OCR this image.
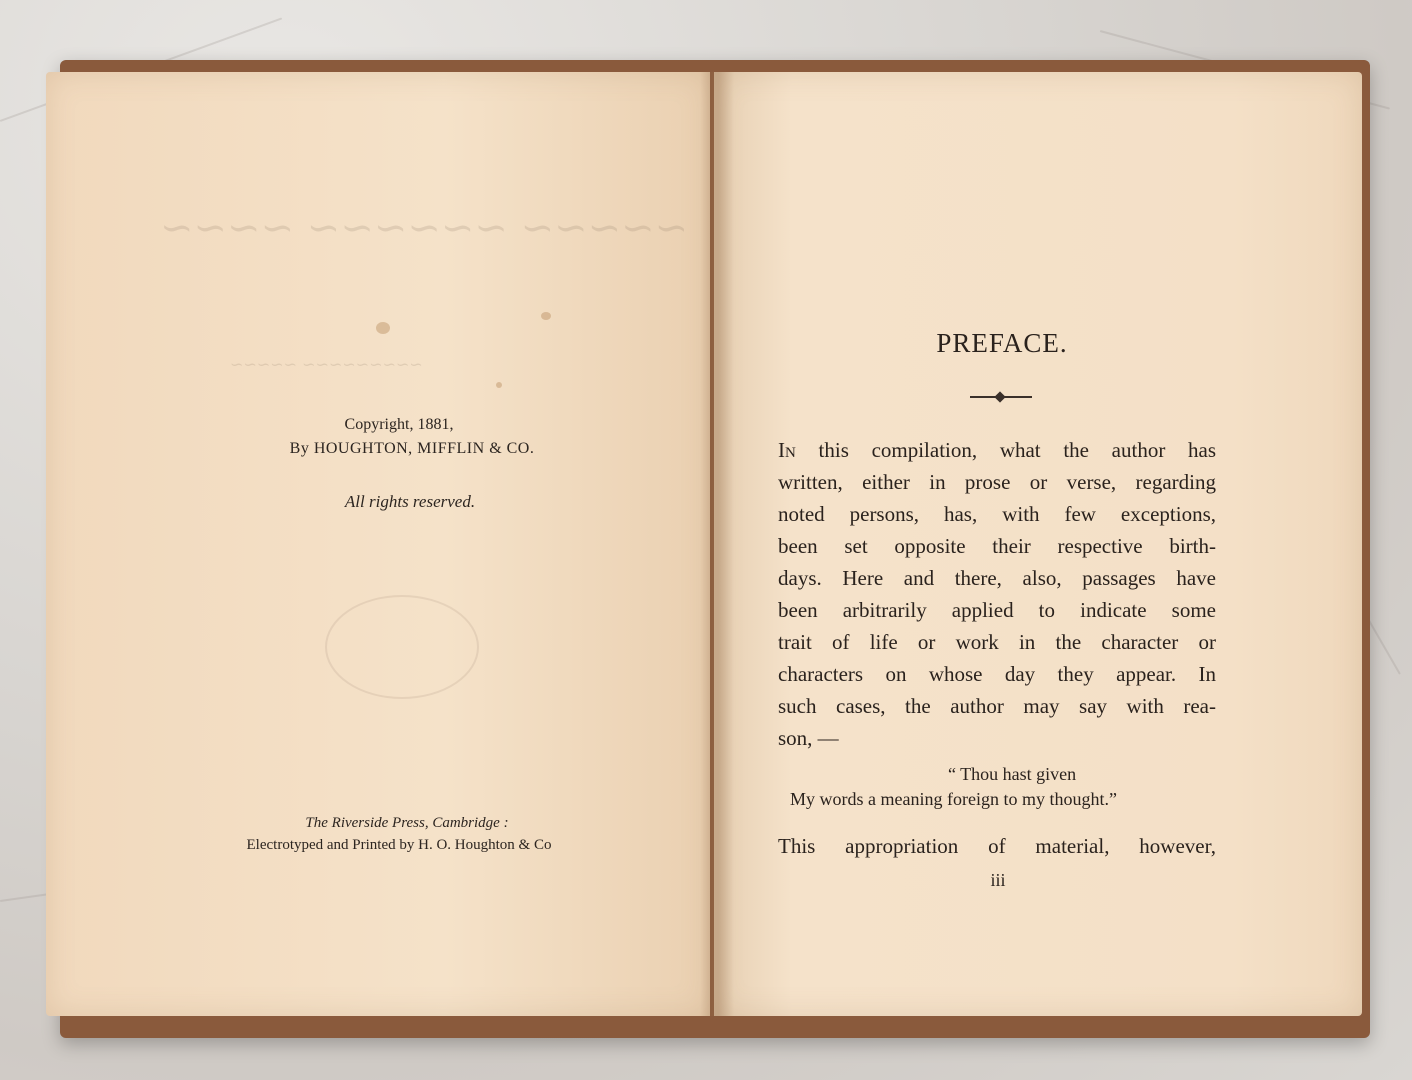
~~~~~ ~~~~~~ ~~~~
~~~~~~~~~ ~~~~~
Copyright, 1881,
By HOUGHTON, MIFFLIN & CO.
All rights reserved.
The Riverside Press, Cambridge :
Electrotyped and Printed by H. O. Houghton & Co
PREFACE.
In this compilation, what the author has
written, either in prose or verse, regarding
noted persons, has, with few exceptions,
been set opposite their respective birth-
days. Here and there, also, passages have
been arbitrarily applied to indicate some
trait of life or work in the character or
characters on whose day they appear. In
such cases, the author may say with rea-
son, —
“ Thou hast given
My words a meaning foreign to my thought.”
This appropriation of material, however,
iii
